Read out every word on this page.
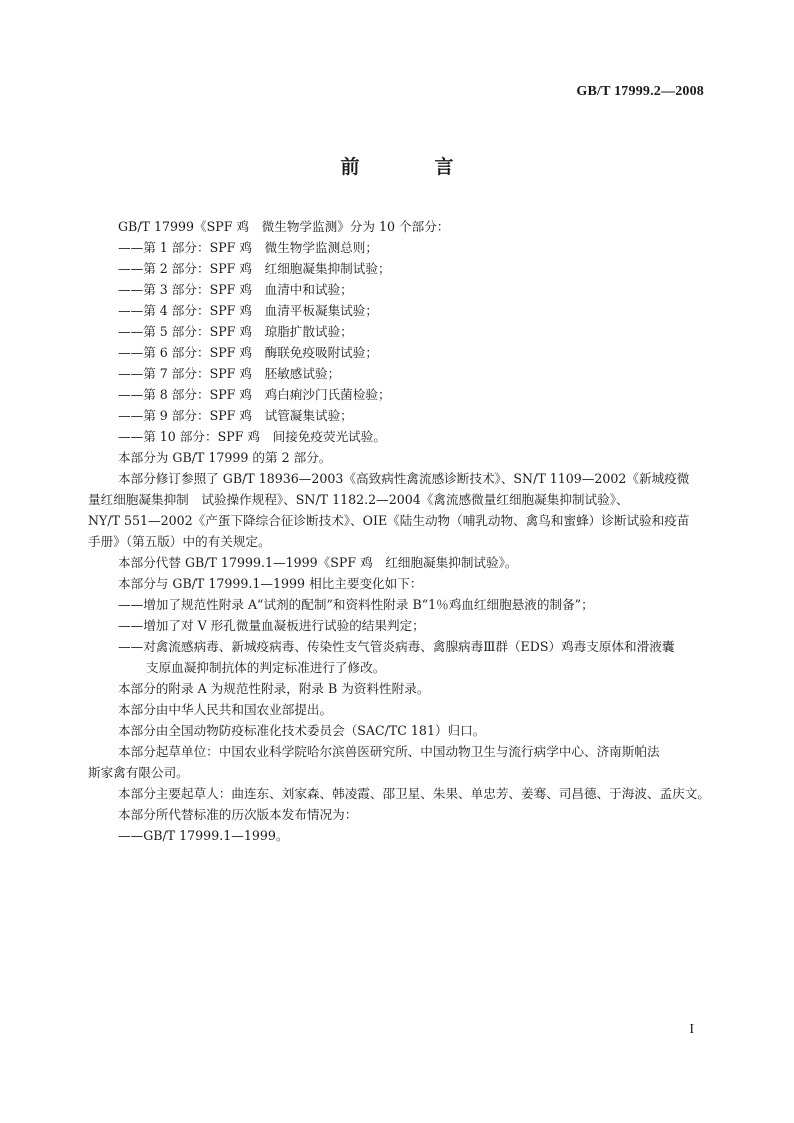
GB/T 17999.2—2008
前　言

GB/T 17999《SPF 鸡　微生物学监测》分为 10 个部分：

——第 1 部分：SPF 鸡　微生物学监测总则；

——第 2 部分：SPF 鸡　红细胞凝集抑制试验；

——第 3 部分：SPF 鸡　血清中和试验；

——第 4 部分：SPF 鸡　血清平板凝集试验；

——第 5 部分：SPF 鸡　琼脂扩散试验；

——第 6 部分：SPF 鸡　酶联免疫吸附试验；

——第 7 部分：SPF 鸡　胚敏感试验；

——第 8 部分：SPF 鸡　鸡白痢沙门氏菌检验；

——第 9 部分：SPF 鸡　试管凝集试验；

——第 10 部分：SPF 鸡　间接免疫荧光试验。

本部分为 GB/T 17999 的第 2 部分。

本部分修订参照了 GB/T 18936—2003《高致病性禽流感诊断技术》、SN/T 1109—2002《新城疫微

量红细胞凝集抑制　试验操作规程》、SN/T 1182.2—2004《禽流感微量红细胞凝集抑制试验》、

NY/T 551—2002《产蛋下降综合征诊断技术》、OIE《陆生动物（哺乳动物、禽鸟和蜜蜂）诊断试验和疫苗

手册》（第五版）中的有关规定。

本部分代替 GB/T 17999.1—1999《SPF 鸡　红细胞凝集抑制试验》。

本部分与 GB/T 17999.1—1999 相比主要变化如下：

——增加了规范性附录 A“试剂的配制”和资料性附录 B“1％鸡血红细胞悬液的制备”；

——增加了对 V 形孔微量血凝板进行试验的结果判定；

——对禽流感病毒、新城疫病毒、传染性支气管炎病毒、禽腺病毒Ⅲ群（EDS）鸡毒支原体和滑液囊

支原血凝抑制抗体的判定标准进行了修改。

本部分的附录 A 为规范性附录，附录 B 为资料性附录。

本部分由中华人民共和国农业部提出。

本部分由全国动物防疫标准化技术委员会（SAC/TC 181）归口。

本部分起草单位：中国农业科学院哈尔滨兽医研究所、中国动物卫生与流行病学中心、济南斯帕法

斯家禽有限公司。

本部分主要起草人：曲连东、刘家森、韩凌霞、邵卫星、朱果、单忠芳、姜骞、司昌德、于海波、孟庆文。

本部分所代替标准的历次版本发布情况为：

——GB/T 17999.1—1999。

I
